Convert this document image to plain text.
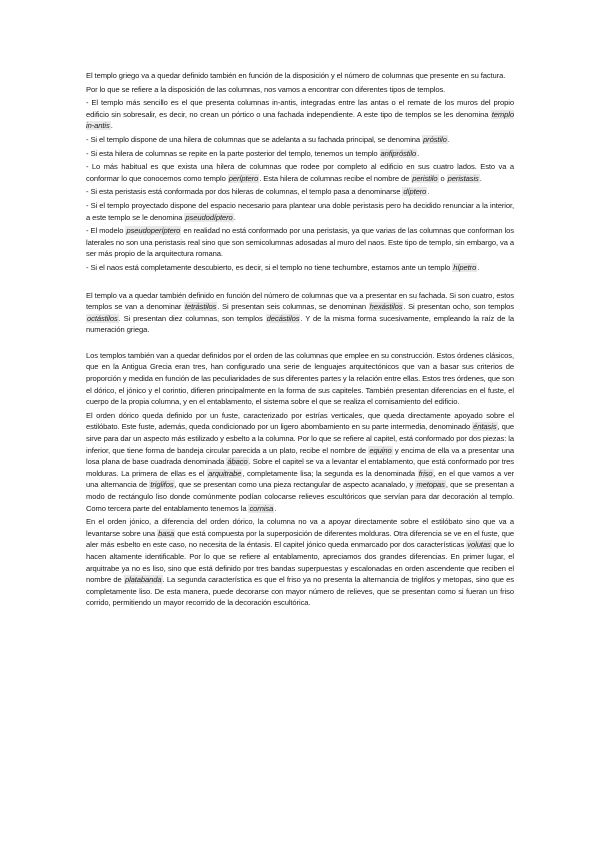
El templo griego va a quedar definido también en función de la disposición y el número de columnas que presente en su factura.

Por lo que se refiere a la disposición de las columnas, nos vamos a encontrar con diferentes tipos de templos.

- El templo más sencillo es el que presenta columnas in-antis, integradas entre las antas o el remate de los muros del propio edificio sin sobresalir, es decir, no crean un pórtico o una fachada independiente. A este tipo de templos se les denomina templo in-antis.

- Si el templo dispone de una hilera de columnas que se adelanta a su fachada principal, se denomina próstilo.

- Si esta hilera de columnas se repite en la parte posterior del templo, tenemos un templo anfipróstilo.

- Lo más habitual es que exista una hilera de columnas que rodee por completo al edificio en sus cuatro lados. Esto va a conformar lo que conocemos como templo períptero. Esta hilera de columnas recibe el nombre de peristilo o peristasis.

- Si esta peristasis está conformada por dos hileras de columnas, el templo pasa a denominarse díptero.

- Si el templo proyectado dispone del espacio necesario para plantear una doble peristasis pero ha decidido renunciar a la interior, a este templo se le denomina pseudodíptero.

- El modelo pseudoperíptero en realidad no está conformado por una peristasis, ya que varias de las columnas que conforman los laterales no son una peristasis real sino que son semicolumnas adosadas al muro del naos. Este tipo de templo, sin embargo, va a ser más propio de la arquitectura romana.

- Si el naos está completamente descubierto, es decir, si el templo no tiene techumbre, estamos ante un templo hípetro.

El templo va a quedar también definido en función del número de columnas que va a presentar en su fachada. Si son cuatro, estos templos se van a denominar tetrástilos. Si presentan seis columnas, se denominan hexástilos. Si presentan ocho, son templos octástilos. Si presentan diez columnas, son templos decástilos. Y de la misma forma sucesivamente, empleando la raíz de la numeración griega.

Los templos también van a quedar definidos por el orden de las columnas que emplee en su construcción. Estos órdenes clásicos, que en la Antigua Grecia eran tres, han configurado una serie de lenguajes arquitectónicos que van a basar sus criterios de proporción y medida en función de las peculiaridades de sus diferentes partes y la relación entre ellas. Estos tres órdenes, que son el dórico, el jónico y el corintio, difieren principalmente en la forma de sus capiteles. También presentan diferencias en el fuste, el cuerpo de la propia columna, y en el entablamento, el sistema sobre el que se realiza el cornisamiento del edificio.

El orden dórico queda definido por un fuste, caracterizado por estrías verticales, que queda directamente apoyado sobre el estilóbato. Este fuste, además, queda condicionado por un ligero abombamiento en su parte intermedia, denominado éntasis, que sirve para dar un aspecto más estilizado y esbelto a la columna. Por lo que se refiere al capitel, está conformado por dos piezas: la inferior, que tiene forma de bandeja circular parecida a un plato, recibe el nombre de equino y encima de ella va a presentar una losa plana de base cuadrada denominada ábaco. Sobre el capitel se va a levantar el entablamento, que está conformado por tres molduras. La primera de ellas es el arquitrabe, completamente lisa; la segunda es la denominada friso, en el que vamos a ver una alternancia de triglifos, que se presentan como una pieza rectangular de aspecto acanalado, y metopas, que se presentan a modo de rectángulo liso donde comúnmente podían colocarse relieves escultóricos que servían para dar decoración al templo. Como tercera parte del entablamento tenemos la cornisa.

En el orden jónico, a diferencia del orden dórico, la columna no va a apoyar directamente sobre el estilóbato sino que va a levantarse sobre una basa que está compuesta por la superposición de diferentes molduras. Otra diferencia se ve en el fuste, que aler más esbelto en este caso, no necesita de la éntasis. El capitel jónico queda enmarcado por dos características volutas que lo hacen altamente identificable. Por lo que se refiere al entablamento, apreciamos dos grandes diferencias. En primer lugar, el arquitrabe ya no es liso, sino que está definido por tres bandas superpuestas y escalonadas en orden ascendente que reciben el nombre de platabanda. La segunda característica es que el friso ya no presenta la alternancia de triglifos y metopas, sino que es completamente liso. De esta manera, puede decorarse con mayor número de relieves, que se presentan como si fueran un friso corrido, permitiendo un mayor recorrido de la decoración escultórica.
